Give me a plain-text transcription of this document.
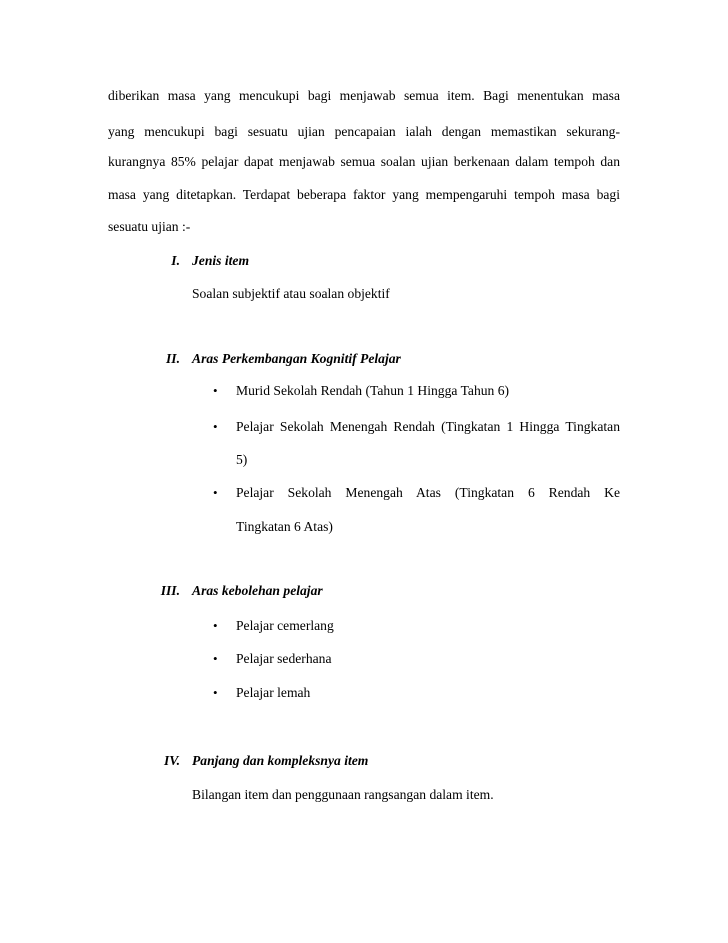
diberikan masa yang mencukupi bagi menjawab semua item. Bagi menentukan masa
yang mencukupi bagi sesuatu ujian pencapaian ialah dengan memastikan sekurang-
kurangnya 85% pelajar dapat menjawab semua soalan ujian berkenaan dalam tempoh dan
masa yang ditetapkan. Terdapat beberapa faktor yang mempengaruhi tempoh masa bagi
sesuatu ujian :-
I. Jenis item
Soalan subjektif atau soalan objektif
II. Aras Perkembangan Kognitif Pelajar
• Murid Sekolah Rendah (Tahun 1 Hingga Tahun 6)
• Pelajar Sekolah Menengah Rendah (Tingkatan 1 Hingga Tingkatan
5)
• Pelajar Sekolah Menengah Atas (Tingkatan 6 Rendah Ke
Tingkatan 6 Atas)
III. Aras kebolehan pelajar
• Pelajar cemerlang
• Pelajar sederhana
• Pelajar lemah
IV. Panjang dan kompleksnya item
Bilangan item dan penggunaan rangsangan dalam item.
